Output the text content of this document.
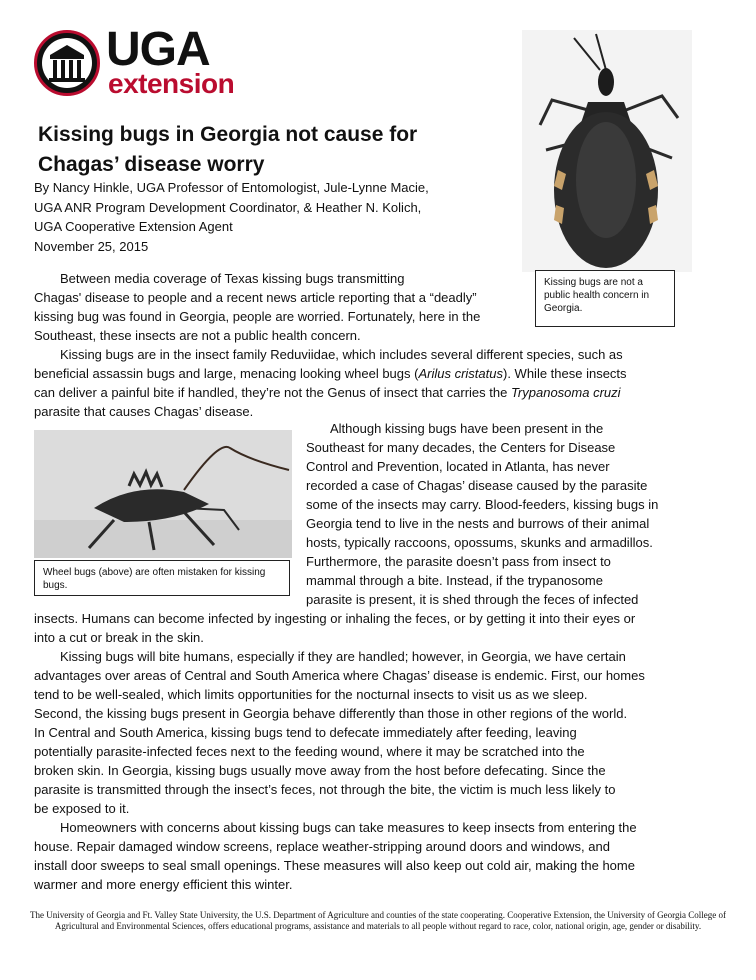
UGA
extension
Kissing bugs in Georgia not cause for
Chagas’ disease worry
By Nancy Hinkle, UGA Professor of Entomologist, Jule-Lynne Macie,
UGA ANR Program Development Coordinator, & Heather N. Kolich,
UGA Cooperative Extension Agent
November 25, 2015
Kissing bugs are not a public health concern in Georgia.
Wheel bugs (above) are often mistaken for kissing bugs.
Between media coverage of Texas kissing bugs transmitting
Chagas' disease to people and a recent news article reporting that a “deadly”
kissing bug was found in Georgia, people are worried. Fortunately, here in the
Southeast, these insects are not a public health concern.
Kissing bugs are in the insect family Reduviidae, which includes several different species, such as
beneficial assassin bugs and large, menacing looking wheel bugs (Arilus cristatus). While these insects
can deliver a painful bite if handled, they’re not the Genus of insect that carries the Trypanosoma cruzi
parasite that causes Chagas’ disease.
Although kissing bugs have been present in the
Southeast for many decades, the Centers for Disease
Control and Prevention, located in Atlanta, has never
recorded a case of Chagas’ disease caused by the parasite
some of the insects may carry. Blood-feeders, kissing bugs in
Georgia tend to live in the nests and burrows of their animal
hosts, typically raccoons, opossums, skunks and armadillos.
Furthermore, the parasite doesn’t pass from insect to
mammal through a bite. Instead, if the trypanosome
parasite is present, it is shed through the feces of infected
insects. Humans can become infected by ingesting or inhaling the feces, or by getting it into their eyes or
into a cut or break in the skin.
Kissing bugs will bite humans, especially if they are handled; however, in Georgia, we have certain
advantages over areas of Central and South America where Chagas’ disease is endemic. First, our homes
tend to be well-sealed, which limits opportunities for the nocturnal insects to visit us as we sleep.
Second, the kissing bugs present in Georgia behave differently than those in other regions of the world.
In Central and South America, kissing bugs tend to defecate immediately after feeding, leaving
potentially parasite-infected feces next to the feeding wound, where it may be scratched into the
broken skin. In Georgia, kissing bugs usually move away from the host before defecating. Since the
parasite is transmitted through the insect’s feces, not through the bite, the victim is much less likely to
be exposed to it.
Homeowners with concerns about kissing bugs can take measures to keep insects from entering the
house. Repair damaged window screens, replace weather-stripping around doors and windows, and
install door sweeps to seal small openings. These measures will also keep out cold air, making the home
warmer and more energy efficient this winter.
The University of Georgia and Ft. Valley State University, the U.S. Department of Agriculture and counties of the state cooperating. Cooperative Extension, the University of Georgia College of Agricultural and Environmental Sciences, offers educational programs, assistance and materials to all people without regard to race, color, national origin, age, gender or disability.
